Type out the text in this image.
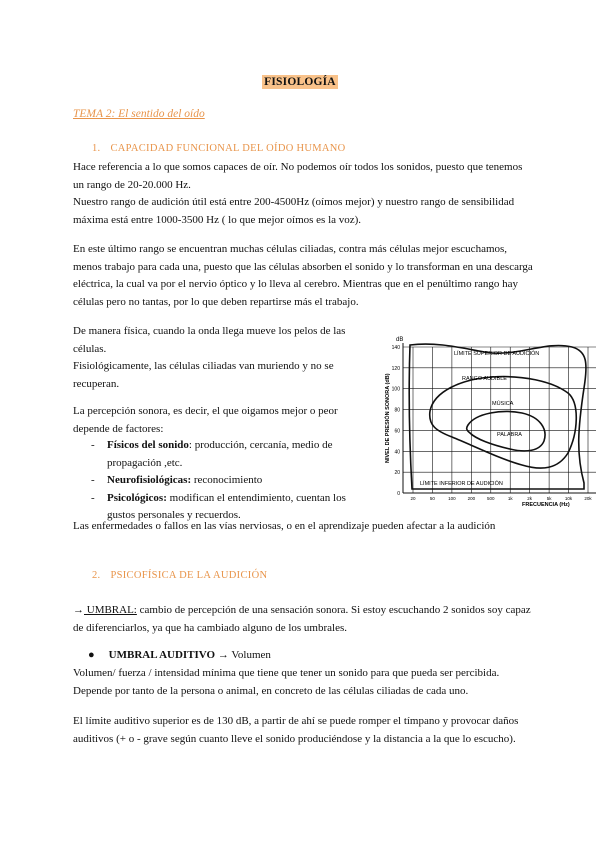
FISIOLOGÍA
TEMA 2: El sentido del oído
1. CAPACIDAD FUNCIONAL DEL OÍDO HUMANO

Hace referencia a lo que somos capaces de oír. No podemos oír todos los sonidos, puesto que tenemos un rango de 20-20.000 Hz.

Nuestro rango de audición útil está entre 200-4500Hz (oímos mejor) y nuestro rango de sensibilidad máxima está entre 1000-3500 Hz ( lo que mejor oímos es la voz).

En este último rango se encuentran muchas células ciliadas, contra más células mejor escuchamos, menos trabajo para cada una, puesto que las células absorben el sonido y lo transforman en una descarga eléctrica, la cual va por el nervio óptico y lo lleva al cerebro. Mientras que en el penúltimo rango hay células pero no tantas, por lo que deben repartirse más el trabajo.

De manera física, cuando la onda llega mueve los pelos de las células.

Fisiológicamente, las células ciliadas van muriendo y no se recuperan.

La percepción sonora, es decir, el que oigamos mejor o peor depende de factores:

- Físicos del sonido: producción, cercanía, medio de propagación ,etc.
- Neurofisiológicas: reconocimiento
- Psicológicos: modifican el entendimiento, cuentan los gustos personales y recuerdos.

Las enfermedades o fallos en las vías nerviosas, o en el aprendizaje pueden afectar a la audición

2. PSICOFÍSICA DE LA AUDICIÓN

→ UMBRAL: cambio de percepción de una sensación sonora. Si estoy escuchando 2 sonidos soy capaz de diferenciarlos, ya que ha cambiado alguno de los umbrales.

● UMBRAL AUDITIVO → Volumen

Volumen/ fuerza / intensidad mínima que tiene que tener un sonido para que pueda ser percibida. Depende por tanto de la persona o animal, en concreto de las células ciliadas de cada uno.

El límite auditivo superior es de 130 dB, a partir de ahí se puede romper el tímpano y provocar daños auditivos (+ o - grave según cuanto lleve el sonido produciéndose y la distancia a la que lo escucho).

dB
0
20
40
60
80
100
120
140
20	50	100	200	500	1k	2k	5k	10k	20k
NIVEL DE PRESIÓN SONORA (dB)
FRECUENCIA (Hz)
LÍMITE SUPERIOR DE AUDICIÓN
RANGO AUDIBLE
MÚSICA
PALABRA
LÍMITE INFERIOR DE AUDICIÓN
